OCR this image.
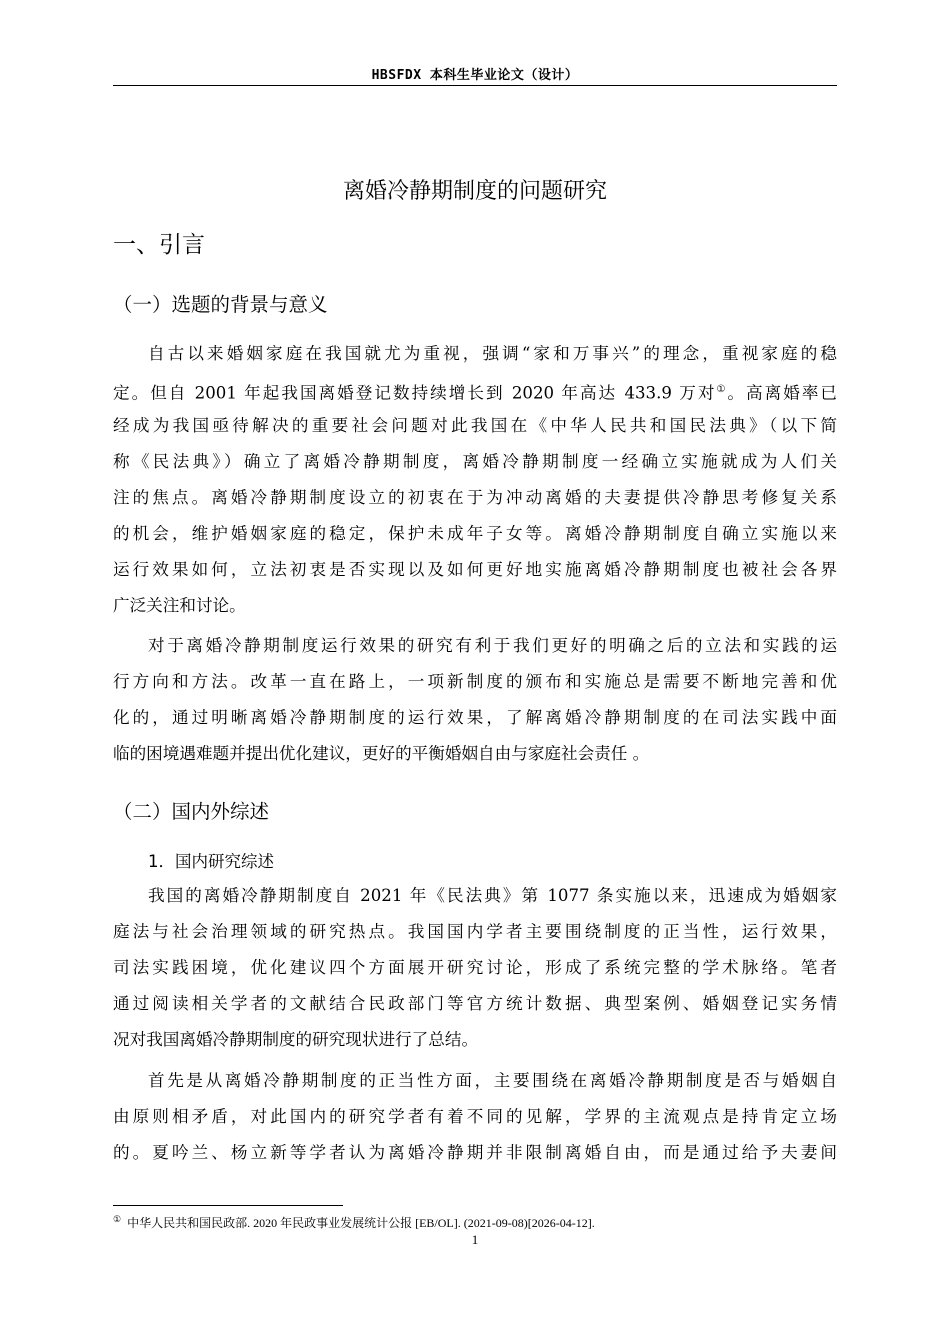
HBSFDX 本科生毕业论文（设计）
离婚冷静期制度的问题研究
一、引言
（一）选题的背景与意义
自古以来婚姻家庭在我国就尤为重视，强调“家和万事兴”的理念，重视家庭的稳
定。但自 2001 年起我国离婚登记数持续增长到 2020 年高达 433.9 万对①。高离婚率已
经成为我国亟待解决的重要社会问题对此我国在《中华人民共和国民法典》（以下简
称《民法典》）确立了离婚冷静期制度，离婚冷静期制度一经确立实施就成为人们关
注的焦点。离婚冷静期制度设立的初衷在于为冲动离婚的夫妻提供冷静思考修复关系
的机会，维护婚姻家庭的稳定，保护未成年子女等。离婚冷静期制度自确立实施以来
运行效果如何，立法初衷是否实现以及如何更好地实施离婚冷静期制度也被社会各界
广泛关注和讨论。
对于离婚冷静期制度运行效果的研究有利于我们更好的明确之后的立法和实践的运
行方向和方法。改革一直在路上，一项新制度的颁布和实施总是需要不断地完善和优
化的，通过明晰离婚冷静期制度的运行效果，了解离婚冷静期制度的在司法实践中面
临的困境遇难题并提出优化建议，更好的平衡婚姻自由与家庭社会责任 。
（二）国内外综述
1．国内研究综述
我国的离婚冷静期制度自 2021 年《民法典》第 1077 条实施以来，迅速成为婚姻家
庭法与社会治理领域的研究热点。我国国内学者主要围绕制度的正当性，运行效果，
司法实践困境，优化建议四个方面展开研究讨论，形成了系统完整的学术脉络。笔者
通过阅读相关学者的文献结合民政部门等官方统计数据、典型案例、婚姻登记实务情
况对我国离婚冷静期制度的研究现状进行了总结。
首先是从离婚冷静期制度的正当性方面，主要围绕在离婚冷静期制度是否与婚姻自
由原则相矛盾，对此国内的研究学者有着不同的见解，学界的主流观点是持肯定立场
的。夏吟兰、杨立新等学者认为离婚冷静期并非限制离婚自由，而是通过给予夫妻间
① 中华人民共和国民政部. 2020 年民政事业发展统计公报 [EB/OL]. (2021-09-08)[2026-04-12].
1
